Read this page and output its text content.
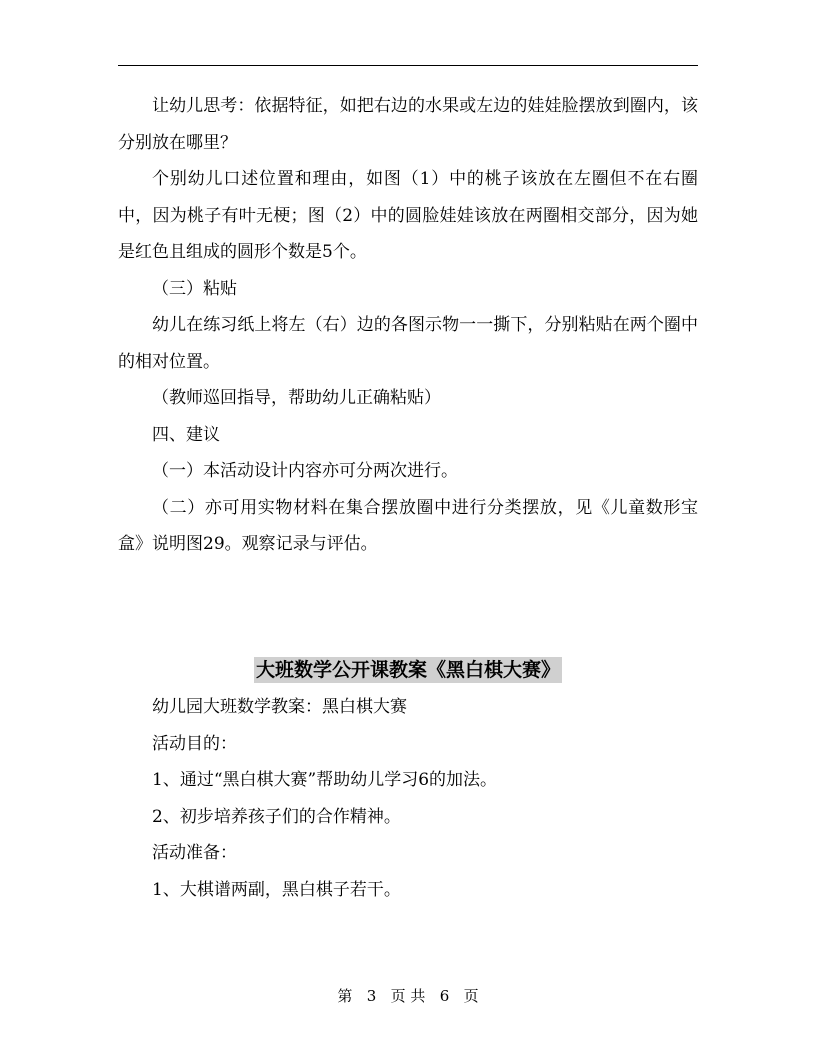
让幼儿思考：依据特征，如把右边的水果或左边的娃娃脸摆放到圈内，该分别放在哪里？

个别幼儿口述位置和理由，如图（1）中的桃子该放在左圈但不在右圈中，因为桃子有叶无梗；图（2）中的圆脸娃娃该放在两圈相交部分，因为她是红色且组成的圆形个数是5个。

（三）粘贴

幼儿在练习纸上将左（右）边的各图示物一一撕下，分别粘贴在两个圈中的相对位置。

（教师巡回指导，帮助幼儿正确粘贴）

四、建议

（一）本活动设计内容亦可分两次进行。

（二）亦可用实物材料在集合摆放圈中进行分类摆放，见《儿童数形宝盒》说明图29。观察记录与评估。

大班数学公开课教案《黑白棋大赛》

幼儿园大班数学教案：黑白棋大赛

活动目的：

1、通过“黑白棋大赛”帮助幼儿学习6的加法。

2、初步培养孩子们的合作精神。

活动准备：

1、大棋谱两副，黑白棋子若干。

第 3 页 共 6 页
